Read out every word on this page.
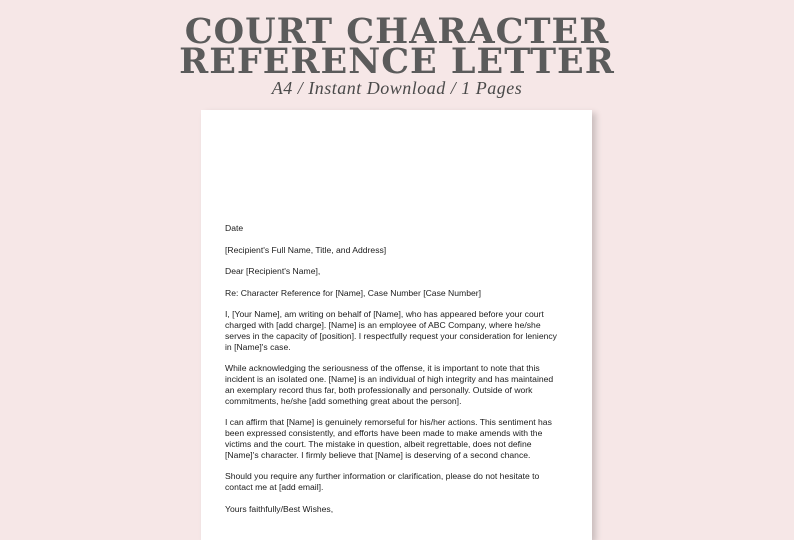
COURT CHARACTER
REFERENCE LETTER
A4 / Instant Download / 1 Pages

Date

[Recipient's Full Name, Title, and Address]

Dear [Recipient's Name],

Re: Character Reference for [Name], Case Number [Case Number]

I, [Your Name], am writing on behalf of [Name], who has appeared before your court charged with [add charge]. [Name] is an employee of ABC Company, where he/she serves in the capacity of [position]. I respectfully request your consideration for leniency in [Name]'s case.

While acknowledging the seriousness of the offense, it is important to note that this incident is an isolated one. [Name] is an individual of high integrity and has maintained an exemplary record thus far, both professionally and personally. Outside of work commitments, he/she [add something great about the person].

I can affirm that [Name] is genuinely remorseful for his/her actions. This sentiment has been expressed consistently, and efforts have been made to make amends with the victims and the court. The mistake in question, albeit regrettable, does not define [Name]'s character. I firmly believe that [Name] is deserving of a second chance.

Should you require any further information or clarification, please do not hesitate to contact me at [add email].

Yours faithfully/Best Wishes,
